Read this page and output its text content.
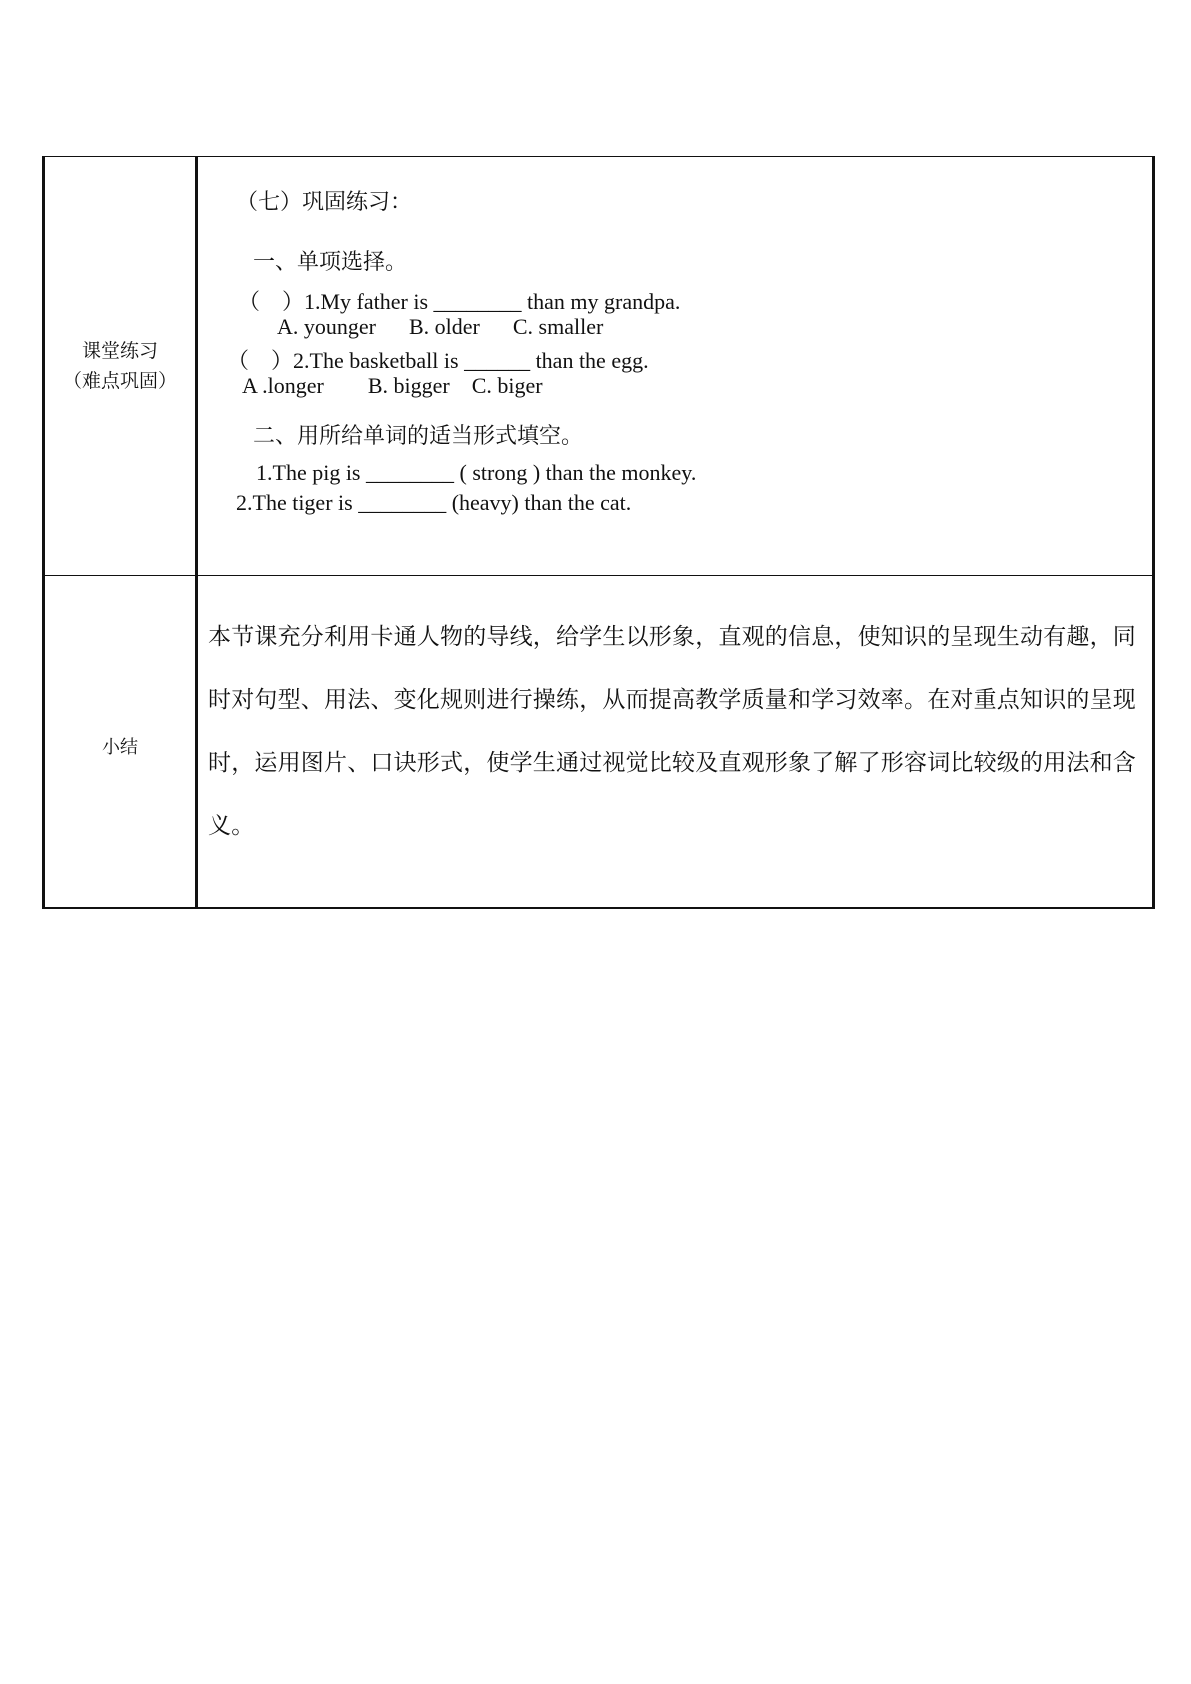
课堂练习
（难点巩固）
（七）巩固练习：
一、单项选择。
（　）1.My father is ________ than my grandpa.
A. younger      B. older      C. smaller
（　）2.The basketball is ______ than the egg.
A .longer        B. bigger    C. biger
二、用所给单词的适当形式填空。
1.The pig is ________ ( strong ) than the monkey.
2.The tiger is ________ (heavy) than the cat.
小结
本节课充分利用卡通人物的导线，给学生以形象，直观的信息，使知识的呈现生动有趣，同时对句型、用法、变化规则进行操练，从而提高教学质量和学习效率。在对重点知识的呈现时，运用图片、口诀形式，使学生通过视觉比较及直观形象了解了形容词比较级的用法和含义。
